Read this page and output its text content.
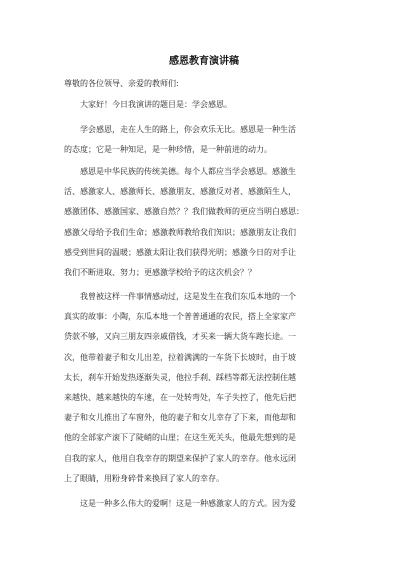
感恩教育演讲稿
尊敬的各位领导、亲爱的教师们:
大家好！今日我演讲的题目是：学会感恩。
学会感恩，走在人生的路上，你会欢乐无比。感恩是一种生活
的态度；它是一种知足，是一种珍惜，是一种前进的动力。
感恩是中华民族的传统美德。每个人都应当学会感恩。感激生
活、感激家人、感激师长、感激朋友、感激反对者、感激陌生人，
感激团体、感激国家、感激自然？？我们做教师的更应当明白感恩：
感激父母给予我们生命；感激教师教给我们知识；感激朋友让我们
感受到世间的温暖；感激太阳让我们获得光明；感激今日的对手让
我们不断进取、努力；更感激学校给予的这次机会？？
我曾被这样一件事情感动过，这是发生在我们东瓜本地的一个
真实的故事：小陶，东瓜本地一个普普通通的农民，搭上全家家产
贷款不够，又向三朋友四亲戚借钱，才买来一辆大货车跑长途。一
次，他带着妻子和女儿出差，拉着满满的一车货下长坡时，由于坡
太长，刹车开始发热逐渐失灵，他拉手刹、踩档等都无法控制住越
来越快、越来越快的车速，在一处转弯处，车子失控了，他先后把
妻子和女儿推出了车窗外，他的妻子和女儿幸存了下来，而他却和
他的全部家产滚下了陡峭的山崖；在这生死关头，他最先想到的是
自我的家人，他用自我幸存的期望来保护了家人的幸存。他永远闭
上了眼睛，用粉身碎骨来换回了家人的幸存。
这是一种多么伟大的爱啊！这是一种感激家人的方式。因为爱
